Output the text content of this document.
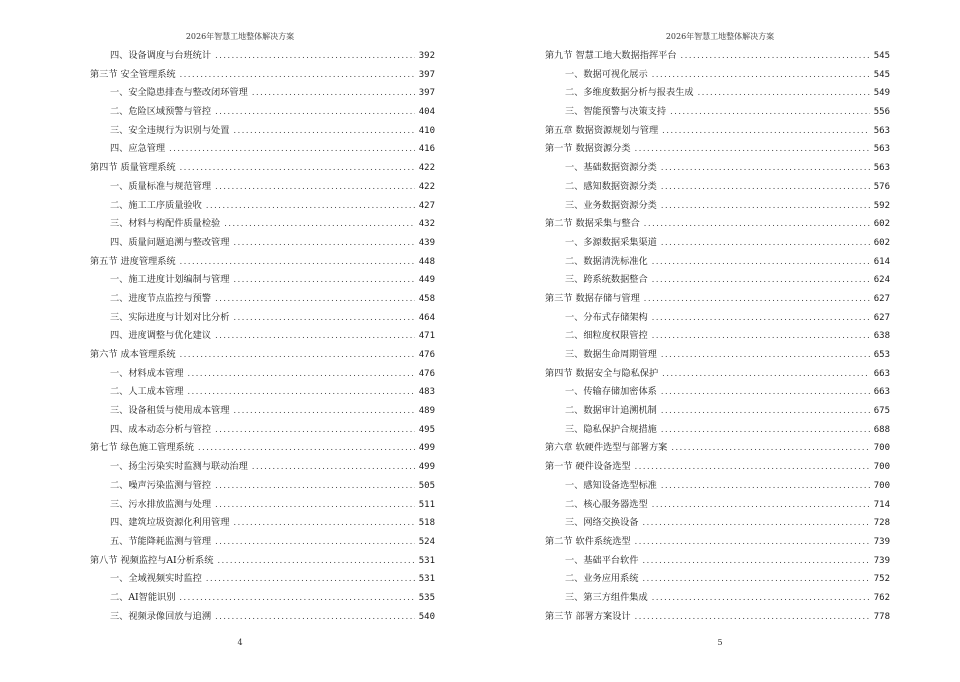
2026年智慧工地整体解决方案
四、设备调度与台班统计 .....	392
第三节 安全管理系统 .....	397
一、安全隐患排查与整改闭环管理 .....	397
二、危险区域预警与管控 .....	404
三、安全违规行为识别与处置 .....	410
四、应急管理 .....	416
第四节 质量管理系统 .....	422
一、质量标准与规范管理 .....	422
二、施工工序质量验收 .....	427
三、材料与构配件质量检验 .....	432
四、质量问题追溯与整改管理 .....	439
第五节 进度管理系统 .....	448
一、施工进度计划编制与管理 .....	449
二、进度节点监控与预警 .....	458
三、实际进度与计划对比分析 .....	464
四、进度调整与优化建议 .....	471
第六节 成本管理系统 .....	476
一、材料成本管理 .....	476
二、人工成本管理 .....	483
三、设备租赁与使用成本管理 .....	489
四、成本动态分析与管控 .....	495
第七节 绿色施工管理系统 .....	499
一、扬尘污染实时监测与联动治理 .....	499
二、噪声污染监测与管控 .....	505
三、污水排放监测与处理 .....	511
四、建筑垃圾资源化利用管理 .....	518
五、节能降耗监测与管理 .....	524
第八节 视频监控与AI分析系统 .....	531
一、全域视频实时监控 .....	531
二、AI智能识别 .....	535
三、视频录像回放与追溯 .....	540
4
2026年智慧工地整体解决方案
第九节 智慧工地大数据指挥平台 .....	545
一、数据可视化展示 .....	545
二、多维度数据分析与报表生成 .....	549
三、智能预警与决策支持 .....	556
第五章 数据资源规划与管理 .....	563
第一节 数据资源分类 .....	563
一、基础数据资源分类 .....	563
二、感知数据资源分类 .....	576
三、业务数据资源分类 .....	592
第二节 数据采集与整合 .....	602
一、多源数据采集渠道 .....	602
二、数据清洗标准化 .....	614
三、跨系统数据整合 .....	624
第三节 数据存储与管理 .....	627
一、分布式存储架构 .....	627
二、细粒度权限管控 .....	638
三、数据生命周期管理 .....	653
第四节 数据安全与隐私保护 .....	663
一、传输存储加密体系 .....	663
二、数据审计追溯机制 .....	675
三、隐私保护合规措施 .....	688
第六章 软硬件选型与部署方案 .....	700
第一节 硬件设备选型 .....	700
一、感知设备选型标准 .....	700
二、核心服务器选型 .....	714
三、网络交换设备 .....	728
第二节 软件系统选型 .....	739
一、基础平台软件 .....	739
二、业务应用系统 .....	752
三、第三方组件集成 .....	762
第三节 部署方案设计 .....	778
5
